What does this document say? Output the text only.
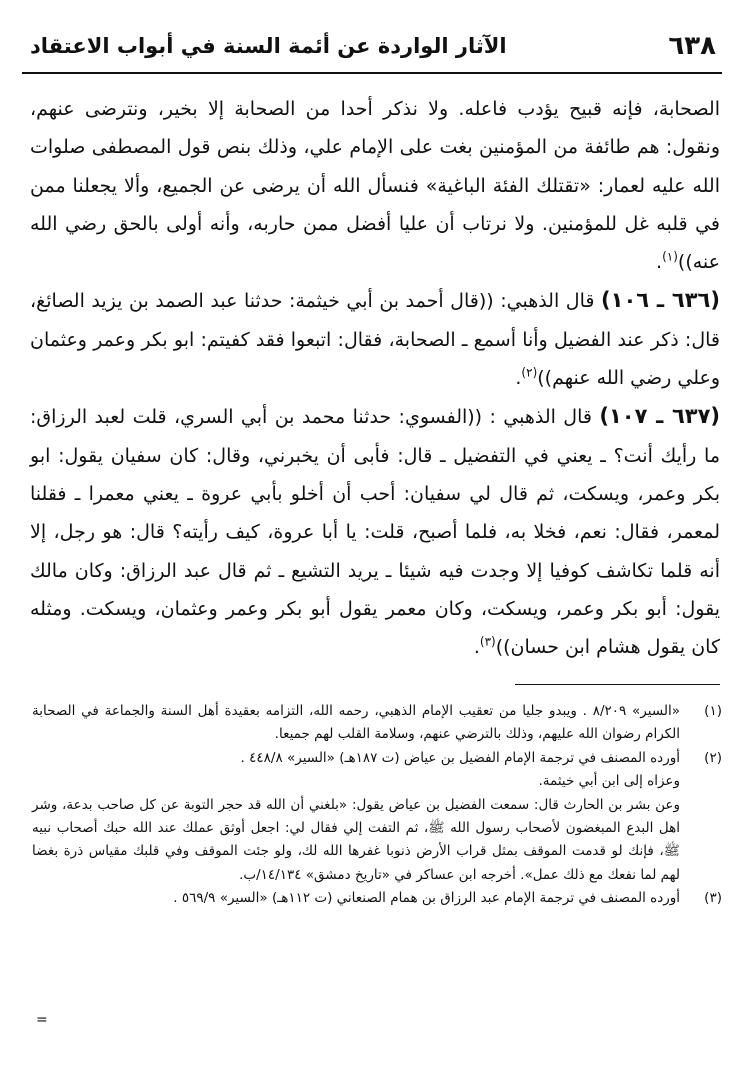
٦٣٨
الآثار الواردة عن أئمة السنة في أبواب الاعتقاد

الصحابة، فإنه قبيح يؤدب فاعله. ولا نذكر أحدا من الصحابة إلا بخير، ونترضى عنهم، ونقول: هم طائفة من المؤمنين بغت على الإمام علي، وذلك بنص قول المصطفى صلوات الله عليه لعمار: «تقتلك الفئة الباغية» فنسأل الله أن يرضى عن الجميع، وألا يجعلنا ممن في قلبه غل للمؤمنين. ولا نرتاب أن عليا أفضل ممن حاربه، وأنه أولى بالحق رضي الله عنه))$^{(١)}$.

(٦٣٦ ـ ١٠٦) قال الذهبي: ((قال أحمد بن أبي خيثمة: حدثنا عبد الصمد بن يزيد الصائغ، قال: ذكر عند الفضيل وأنا أسمع ـ الصحابة، فقال: اتبعوا فقد كفيتم: ابو بكر وعمر وعثمان وعلي رضي الله عنهم))$^{(٢)}$.

(٦٣٧ ـ ١٠٧) قال الذهبي : ((الفسوي: حدثنا محمد بن أبي السري، قلت لعبد الرزاق: ما رأيك أنت؟ ـ يعني في التفضيل ـ قال: فأبى أن يخبرني، وقال: كان سفيان يقول: ابو بكر وعمر، ويسكت، ثم قال لي سفيان: أحب أن أخلو بأبي عروة ـ يعني معمرا ـ فقلنا لمعمر، فقال: نعم، فخلا به، فلما أصبح، قلت: يا أبا عروة، كيف رأيته؟ قال: هو رجل، إلا أنه قلما تكاشف كوفيا إلا وجدت فيه شيئا ـ يريد التشيع ـ ثم قال عبد الرزاق: وكان مالك يقول: أبو بكر وعمر، ويسكت، وكان معمر يقول أبو بكر وعمر وعثمان، ويسكت. ومثله كان يقول هشام ابن حسان))$^{(٣)}$.

(١)
«السير» ٨/٢٠٩ . ويبدو جليا من تعقيب الإمام الذهبي، رحمه الله، التزامه بعقيدة أهل السنة والجماعة في الصحابة الكرام رضوان الله عليهم، وذلك بالترضي عنهم، وسلامة القلب لهم جميعا.
(٢)
أورده المصنف في ترجمة الإمام الفضيل بن عياض (ت ١٨٧هـ) «السير» ٤٤٨/٨ .
وعزاه إلى ابن أبي خيثمة.
وعن بشر بن الحارث قال: سمعت الفضيل بن عياض يقول: «بلغني أن الله قد حجر التوبة عن كل صاحب بدعة، وشر اهل البدع المبغضون لأصحاب رسول الله ﷺ، ثم التفت إلي فقال لي: اجعل أوثق عملك عند الله حبك أصحاب نبيه ﷺ، فإنك لو قدمت الموقف بمثل قراب الأرض ذنوبا غفرها الله لك، ولو جئت الموقف وفي قلبك مقياس ذرة بغضا لهم لما نفعك مع ذلك عمل». أخرجه ابن عساكر في «تاريخ دمشق» ١٤/١٣٤/ب.
(٣)
أورده المصنف في ترجمة الإمام عبد الرزاق بن همام الصنعاني (ت ١١٢هـ) «السير» ٥٦٩/٩ .
=
